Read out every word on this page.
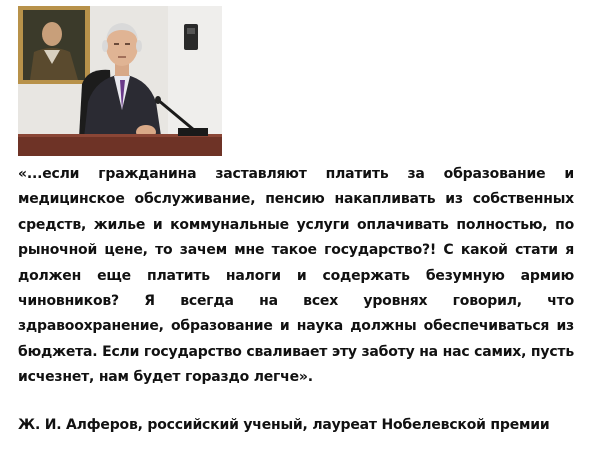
«...если гражданина заставляют платить за образование и медицинское обслуживание, пенсию накапливать из собственных средств, жилье и коммунальные услуги оплачивать полностью, по рыночной цене, то зачем мне такое государство?! С какой стати я должен еще платить налоги и содержать безумную армию чиновников? Я всегда на всех уровнях говорил, что здравоохранение, образование и наука должны обеспечиваться из бюджета. Если государство сваливает эту заботу на нас самих, пусть исчезнет, нам будет гораздо легче».

Ж. И. Алферов, российский ученый, лауреат Нобелевской премии
